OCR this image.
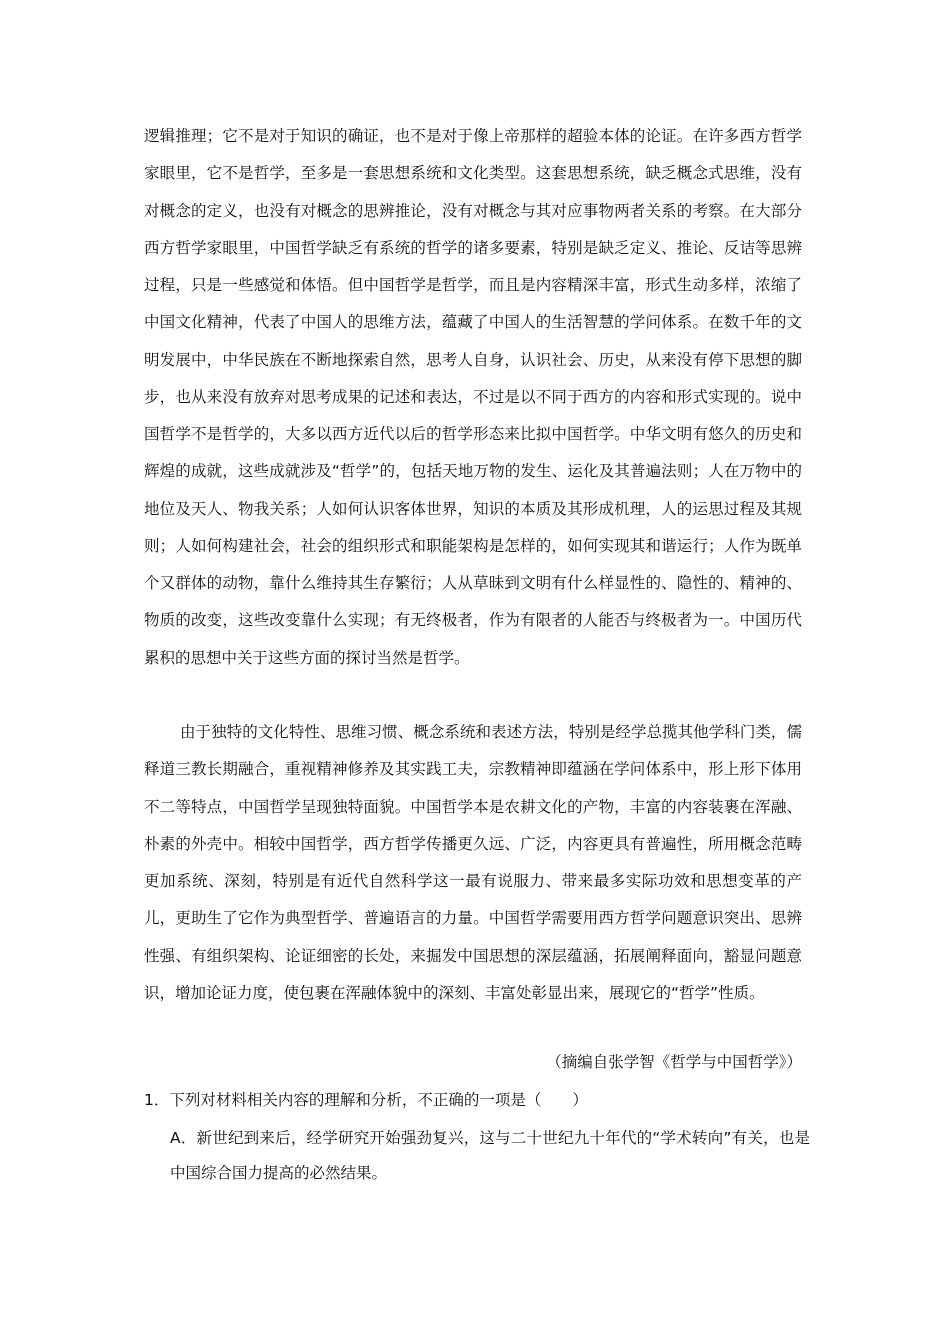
逻辑推理；它不是对于知识的确证，也不是对于像上帝那样的超验本体的论证。在许多西方哲学家眼里，它不是哲学，至多是一套思想系统和文化类型。这套思想系统，缺乏概念式思维，没有对概念的定义，也没有对概念的思辨推论，没有对概念与其对应事物两者关系的考察。在大部分西方哲学家眼里，中国哲学缺乏有系统的哲学的诸多要素，特别是缺乏定义、推论、反诘等思辨过程，只是一些感觉和体悟。但中国哲学是哲学，而且是内容精深丰富，形式生动多样，浓缩了中国文化精神，代表了中国人的思维方法，蕴藏了中国人的生活智慧的学问体系。在数千年的文明发展中，中华民族在不断地探索自然，思考人自身，认识社会、历史，从来没有停下思想的脚步，也从来没有放弃对思考成果的记述和表达，不过是以不同于西方的内容和形式实现的。说中国哲学不是哲学的，大多以西方近代以后的哲学形态来比拟中国哲学。中华文明有悠久的历史和辉煌的成就，这些成就涉及“哲学”的，包括天地万物的发生、运化及其普遍法则；人在万物中的地位及天人、物我关系；人如何认识客体世界，知识的本质及其形成机理，人的运思过程及其规则；人如何构建社会，社会的组织形式和职能架构是怎样的，如何实现其和谐运行；人作为既单个又群体的动物，靠什么维持其生存繁衍；人从草昧到文明有什么样显性的、隐性的、精神的、物质的改变，这些改变靠什么实现；有无终极者，作为有限者的人能否与终极者为一。中国历代累积的思想中关于这些方面的探讨当然是哲学。

由于独特的文化特性、思维习惯、概念系统和表述方法，特别是经学总揽其他学科门类，儒释道三教长期融合，重视精神修养及其实践工夫，宗教精神即蕴涵在学问体系中，形上形下体用不二等特点，中国哲学呈现独特面貌。中国哲学本是农耕文化的产物，丰富的内容装裹在浑融、朴素的外壳中。相较中国哲学，西方哲学传播更久远、广泛，内容更具有普遍性，所用概念范畴更加系统、深刻，特别是有近代自然科学这一最有说服力、带来最多实际功效和思想变革的产儿，更助生了它作为典型哲学、普遍语言的力量。中国哲学需要用西方哲学问题意识突出、思辨性强、有组织架构、论证细密的长处，来掘发中国思想的深层蕴涵，拓展阐释面向，豁显问题意识，增加论证力度，使包裹在浑融体貌中的深刻、丰富处彰显出来，展现它的“哲学”性质。

（摘编自张学智《哲学与中国哲学》）

1．下列对材料相关内容的理解和分析，不正确的一项是（　　）

A．新世纪到来后，经学研究开始强劲复兴，这与二十世纪九十年代的“学术转向”有关，也是中国综合国力提高的必然结果。
